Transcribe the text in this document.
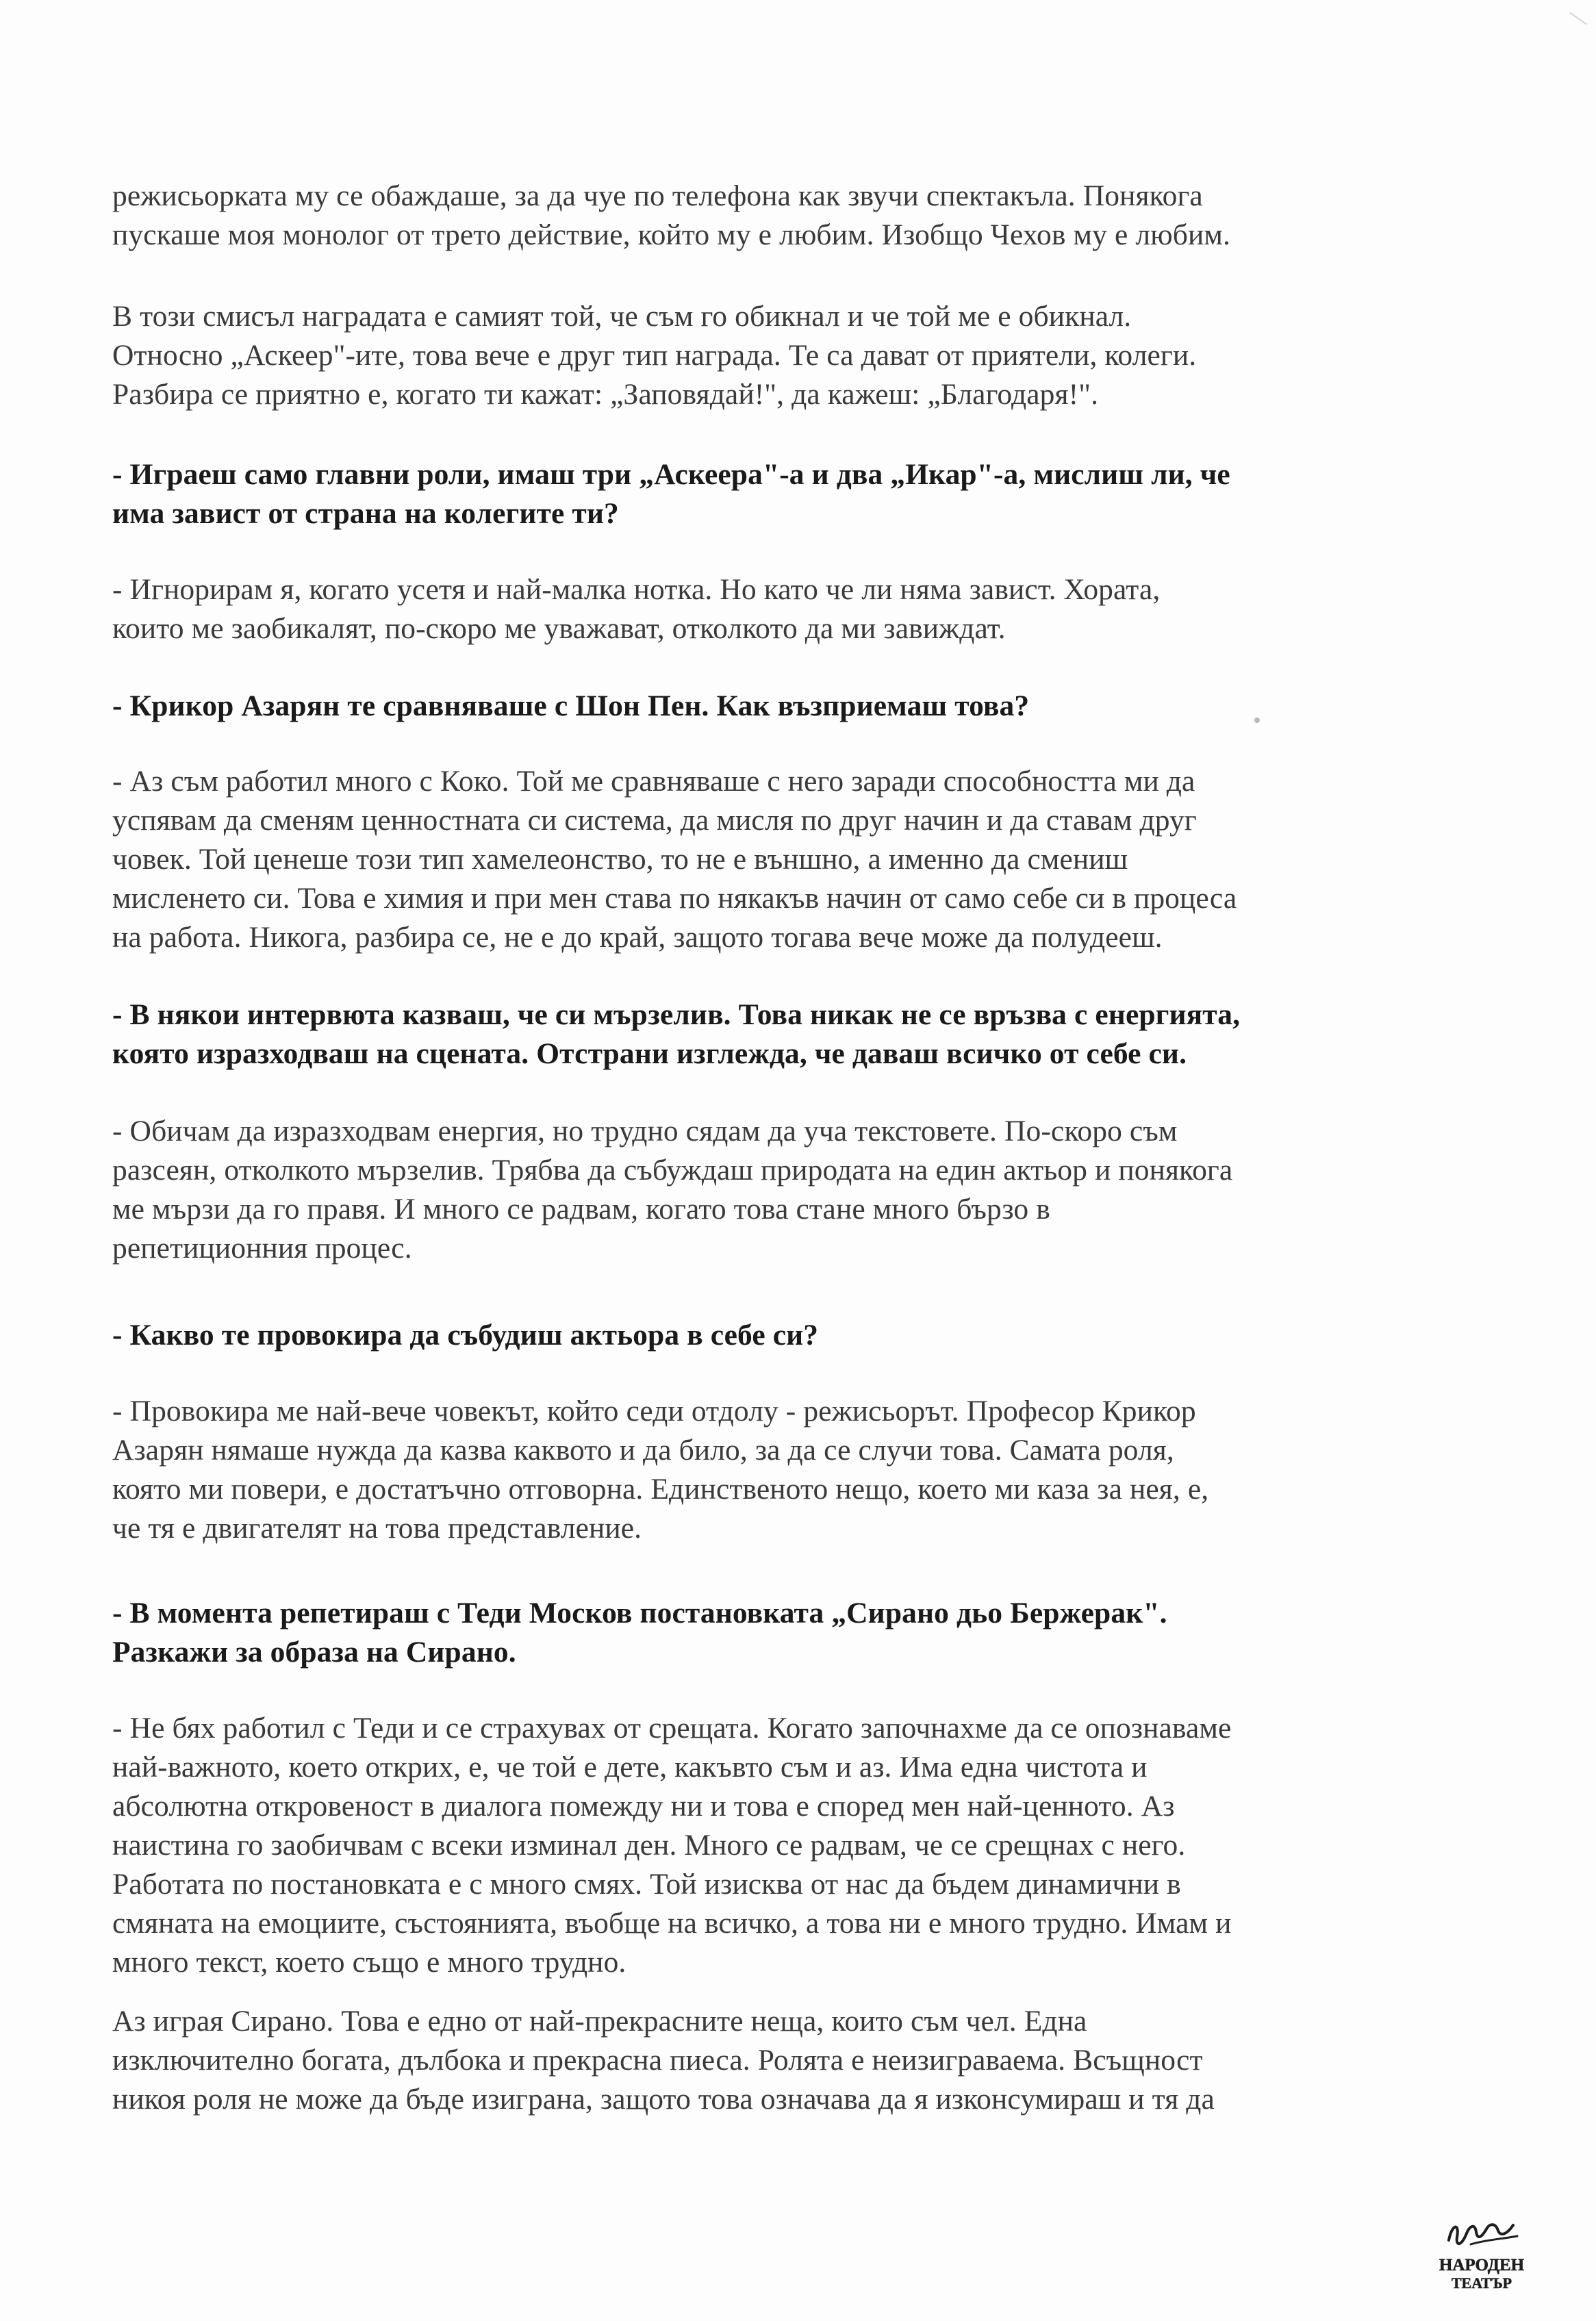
режисьорката му се обаждаше, за да чуе по телефона как звучи спектакъла. Понякога
пускаше моя монолог от трето действие, който му е любим. Изобщо Чехов му е любим.

В този смисъл наградата е самият той, че съм го обикнал и че той ме е обикнал.
Относно „Аскеер"-ите, това вече е друг тип награда. Те са дават от приятели, колеги.
Разбира се приятно е, когато ти кажат: „Заповядай!", да кажеш: „Благодаря!".

- Играеш само главни роли, имаш три „Аскеера"-а и два „Икар"-а, мислиш ли, че
има завист от страна на колегите ти?

- Игнорирам я, когато усетя и най-малка нотка. Но като че ли няма завист. Хората,
които ме заобикалят, по-скоро ме уважават, отколкото да ми завиждат.

- Крикор Азарян те сравняваше с Шон Пен. Как възприемаш това?

- Аз съм работил много с Коко. Той ме сравняваше с него заради способността ми да
успявам да сменям ценностната си система, да мисля по друг начин и да ставам друг
човек. Той ценеше този тип хамелеонство, то не е външно, а именно да смениш
мисленето си. Това е химия и при мен става по някакъв начин от само себе си в процеса
на работа. Никога, разбира се, не е до край, защото тогава вече може да полудееш.

- В някои интервюта казваш, че си мързелив. Това никак не се връзва с енергията,
която изразходваш на сцената. Отстрани изглежда, че даваш всичко от себе си.

- Обичам да изразходвам енергия, но трудно сядам да уча текстовете. По-скоро съм
разсеян, отколкото мързелив. Трябва да събуждаш природата на един актьор и понякога
ме мързи да го правя. И много се радвам, когато това стане много бързо в
репетиционния процес.

- Какво те провокира да събудиш актьора в себе си?

- Провокира ме най-вече човекът, който седи отдолу - режисьорът. Професор Крикор
Азарян нямаше нужда да казва каквото и да било, за да се случи това. Самата роля,
която ми повери, е достатъчно отговорна. Единственото нещо, което ми каза за нея, е,
че тя е двигателят на това представление.

- В момента репетираш с Теди Москов постановката „Сирано дьо Бержерак".
Разкажи за образа на Сирано.

- Не бях работил с Теди и се страхувах от срещата. Когато започнахме да се опознаваме
най-важното, което открих, е, че той е дете, какъвто съм и аз. Има една чистота и
абсолютна откровеност в диалога помежду ни и това е според мен най-ценното. Аз
наистина го заобичвам с всеки изминал ден. Много се радвам, че се срещнах с него.
Работата по постановката е с много смях. Той изисква от нас да бъдем динамични в
смяната на емоциите, състоянията, въобще на всичко, а това ни е много трудно. Имам и
много текст, което също е много трудно.

Аз играя Сирано. Това е едно от най-прекрасните неща, които съм чел. Една
изключително богата, дълбока и прекрасна пиеса. Ролята е неизиграваема. Всъщност
никоя роля не може да бъде изиграна, защото това означава да я изконсумираш и тя да

НАРОДЕН
ТЕАТЪР
